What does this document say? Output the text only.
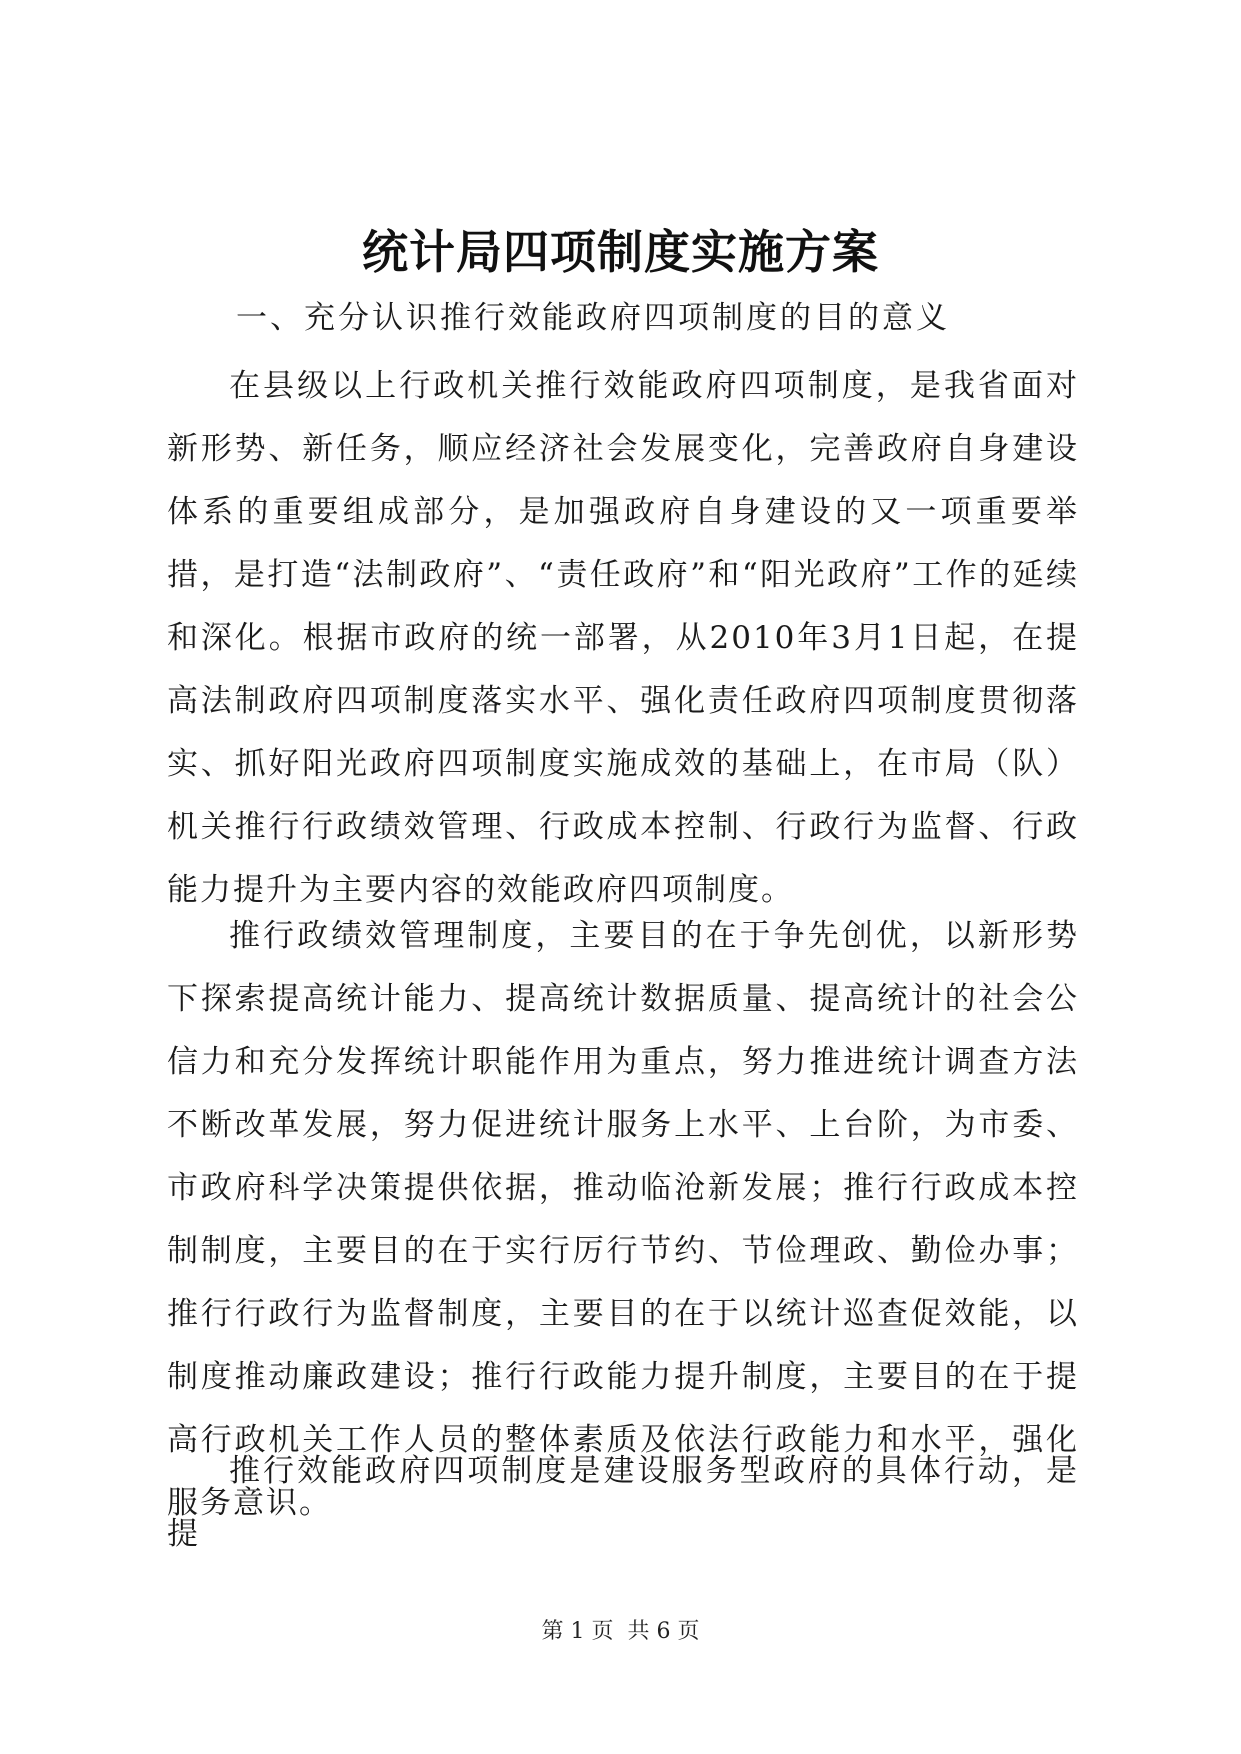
统计局四项制度实施方案
一、充分认识推行效能政府四项制度的目的意义

在县级以上行政机关推行效能政府四项制度，是我省面对新形势、新任务，顺应经济社会发展变化，完善政府自身建设体系的重要组成部分，是加强政府自身建设的又一项重要举措，是打造“法制政府”、“责任政府”和“阳光政府”工作的延续和深化。根据市政府的统一部署，从2010年3月1日起，在提高法制政府四项制度落实水平、强化责任政府四项制度贯彻落实、抓好阳光政府四项制度实施成效的基础上，在市局（队）机关推行行政绩效管理、行政成本控制、行政行为监督、行政能力提升为主要内容的效能政府四项制度。

推行政绩效管理制度，主要目的在于争先创优，以新形势下探索提高统计能力、提高统计数据质量、提高统计的社会公信力和充分发挥统计职能作用为重点，努力推进统计调查方法不断改革发展，努力促进统计服务上水平、上台阶，为市委、市政府科学决策提供依据，推动临沧新发展；推行行政成本控制制度，主要目的在于实行厉行节约、节俭理政、勤俭办事；推行行政行为监督制度，主要目的在于以统计巡查促效能，以制度推动廉政建设；推行行政能力提升制度，主要目的在于提高行政机关工作人员的整体素质及依法行政能力和水平，强化服务意识。

推行效能政府四项制度是建设服务型政府的具体行动，是提

第 1 页  共 6 页
